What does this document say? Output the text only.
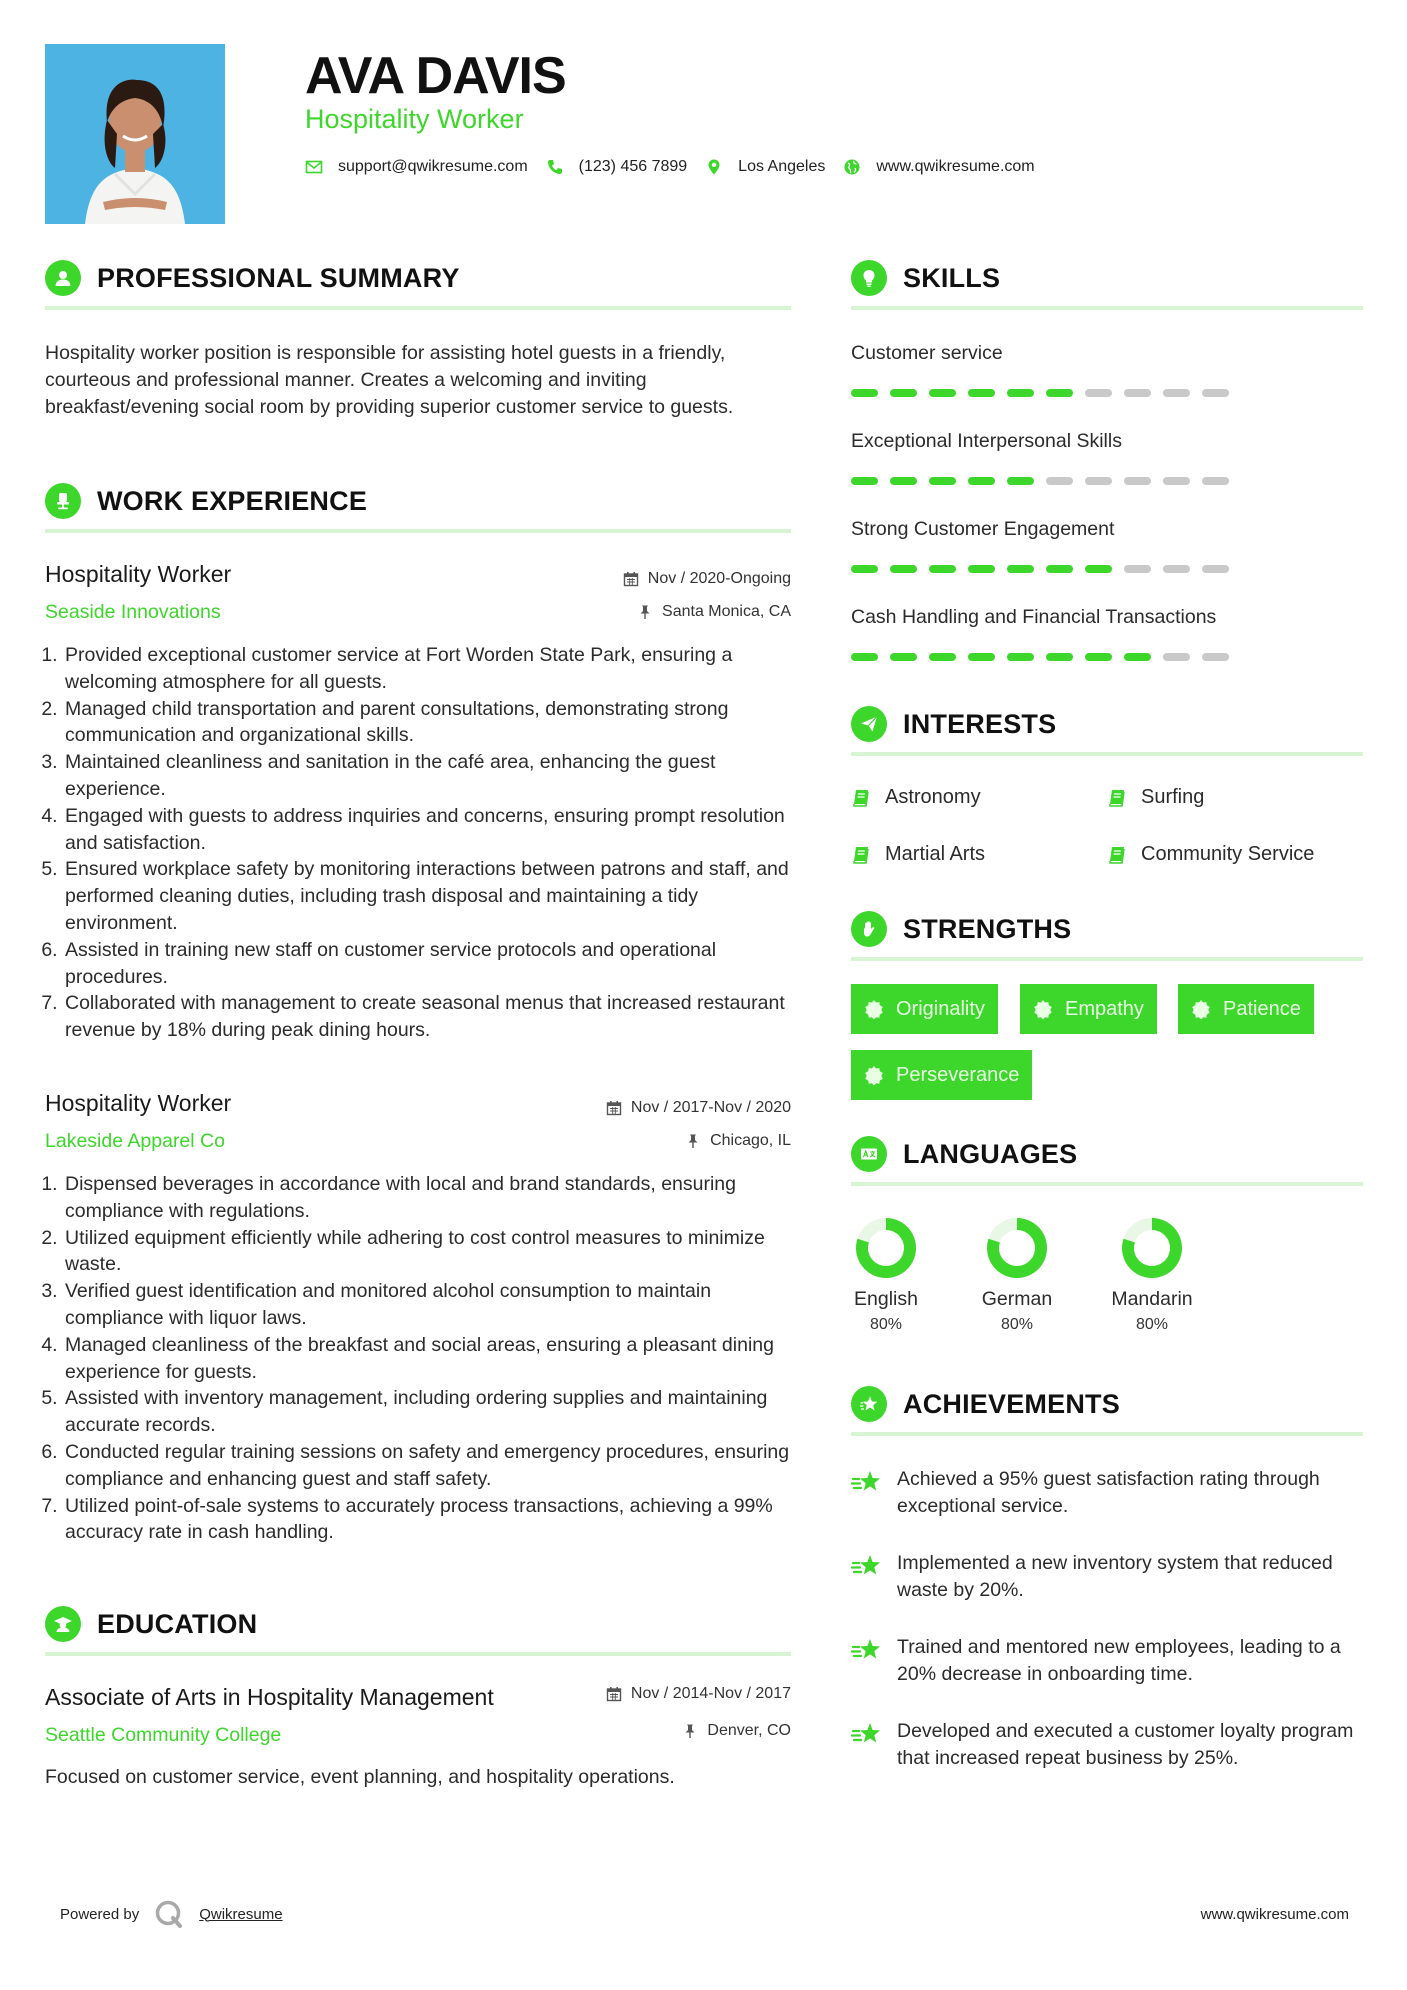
AVA DAVIS
Hospitality Worker
support@qwikresume.com	(123) 456 7899	Los Angeles	www.qwikresume.com
PROFESSIONAL SUMMARY

Hospitality worker position is responsible for assisting hotel guests in a friendly, courteous and professional manner. Creates a welcoming and inviting breakfast/evening social room by providing superior customer service to guests.

WORK EXPERIENCE
Hospitality Worker
Seaside Innovations
Nov / 2020-Ongoing
Santa Monica, CA
1. Provided exceptional customer service at Fort Worden State Park, ensuring a welcoming atmosphere for all guests.
2. Managed child transportation and parent consultations, demonstrating strong communication and organizational skills.
3. Maintained cleanliness and sanitation in the café area, enhancing the guest experience.
4. Engaged with guests to address inquiries and concerns, ensuring prompt resolution and satisfaction.
5. Ensured workplace safety by monitoring interactions between patrons and staff, and performed cleaning duties, including trash disposal and maintaining a tidy environment.
6. Assisted in training new staff on customer service protocols and operational procedures.
7. Collaborated with management to create seasonal menus that increased restaurant revenue by 18% during peak dining hours.
Hospitality Worker
Lakeside Apparel Co
Nov / 2017-Nov / 2020
Chicago, IL
1. Dispensed beverages in accordance with local and brand standards, ensuring compliance with regulations.
2. Utilized equipment efficiently while adhering to cost control measures to minimize waste.
3. Verified guest identification and monitored alcohol consumption to maintain compliance with liquor laws.
4. Managed cleanliness of the breakfast and social areas, ensuring a pleasant dining experience for guests.
5. Assisted with inventory management, including ordering supplies and maintaining accurate records.
6. Conducted regular training sessions on safety and emergency procedures, ensuring compliance and enhancing guest and staff safety.
7. Utilized point-of-sale systems to accurately process transactions, achieving a 99% accuracy rate in cash handling.
EDUCATION
Associate of Arts in Hospitality Management
Seattle Community College
Nov / 2014-Nov / 2017
Denver, CO
Focused on customer service, event planning, and hospitality operations.
SKILLS
Customer service
Exceptional Interpersonal Skills
Strong Customer Engagement
Cash Handling and Financial Transactions
INTERESTS
Astronomy	Surfing
Martial Arts	Community Service
STRENGTHS
Originality	Empathy	Patience
Perseverance
LANGUAGES
English
80%
German
80%
Mandarin
80%
ACHIEVEMENTS
Achieved a 95% guest satisfaction rating through exceptional service.
Implemented a new inventory system that reduced waste by 20%.
Trained and mentored new employees, leading to a 20% decrease in onboarding time.
Developed and executed a customer loyalty program that increased repeat business by 25%.
Powered by	Qwikresume	www.qwikresume.com
